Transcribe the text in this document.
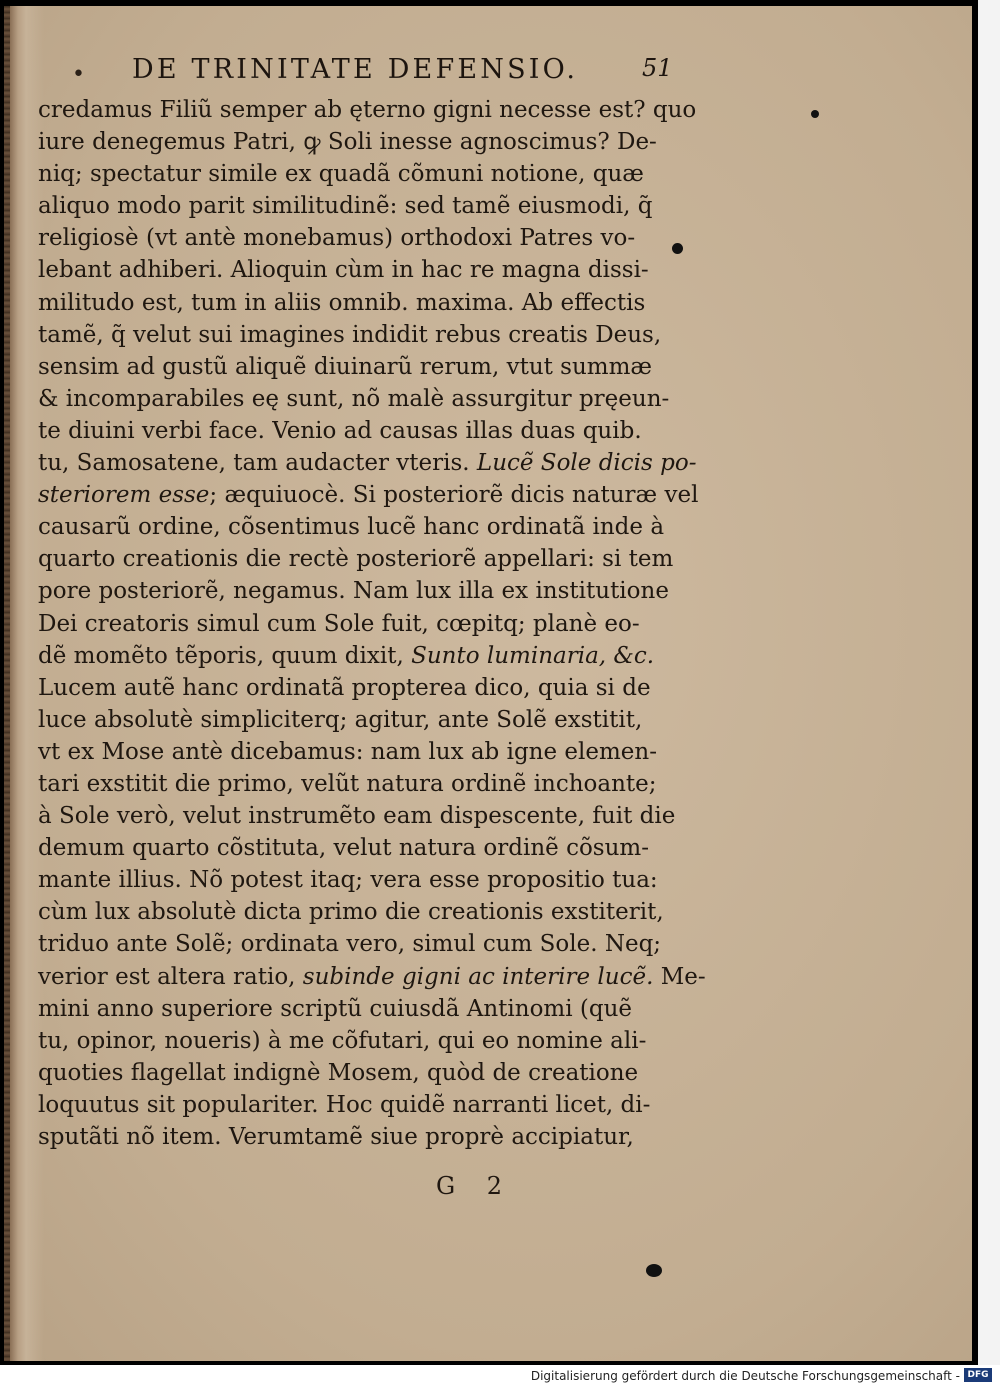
• DE TRINITATE DEFENSIO.	51
credamus Filiũ semper ab ęterno gigni necesse est? quo
iure denegemus Patri, ꝙ Soli inesse agnoscimus? De-
niq; spectatur simile ex quadã cõmuni notione, quæ
aliquo modo parit similitudinẽ: sed tamẽ eiusmodi, q̃
religiosè (vt antè monebamus) orthodoxi Patres vo-
lebant adhiberi. Alioquin cùm in hac re magna dissi-
militudo est, tum in aliis omnib. maxima. Ab effectis
tamẽ, q̃ velut sui imagines indidit rebus creatis Deus,
sensim ad gustũ aliquẽ diuinarũ rerum, vtut summæ
& incomparabiles eę sunt, nõ malè assurgitur pręeun-
te diuini verbi face. Venio ad causas illas duas quib.
tu, Samosatene, tam audacter vteris. Lucẽ Sole dicis po-
steriorem esse; æquiuocè. Si posteriorẽ dicis naturæ vel
causarũ ordine, cõsentimus lucẽ hanc ordinatã inde à
quarto creationis die rectè posteriorẽ appellari: si tem
pore posteriorẽ, negamus. Nam lux illa ex institutione
Dei creatoris simul cum Sole fuit, cœpitq; planè eo-
dẽ momẽto tẽporis, quum dixit, Sunto luminaria, &c.
Lucem autẽ hanc ordinatã propterea dico, quia si de
luce absolutè simpliciterq; agitur, ante Solẽ exstitit,
vt ex Mose antè dicebamus: nam lux ab igne elemen-
tari exstitit die primo, velũt natura ordinẽ inchoante;
à Sole verò, velut instrumẽto eam dispescente, fuit die
demum quarto cõstituta, velut natura ordinẽ cõsum-
mante illius. Nõ potest itaq; vera esse propositio tua:
cùm lux absolutè dicta primo die creationis exstiterit,
triduo ante Solẽ; ordinata vero, simul cum Sole. Neq;
verior est altera ratio, subinde gigni ac interire lucẽ. Me-
mini anno superiore scriptũ cuiusdã Antinomi (quẽ
tu, opinor, noueris) à me cõfutari, qui eo nomine ali-
quoties flagellat indignè Mosem, quòd de creatione
loquutus sit populariter. Hoc quidẽ narranti licet, di-
sputãti nõ item. Verumtamẽ siue proprè accipiatur,
G 2
Digitalisierung gefördert durch die Deutsche Forschungsgemeinschaft - DFG
